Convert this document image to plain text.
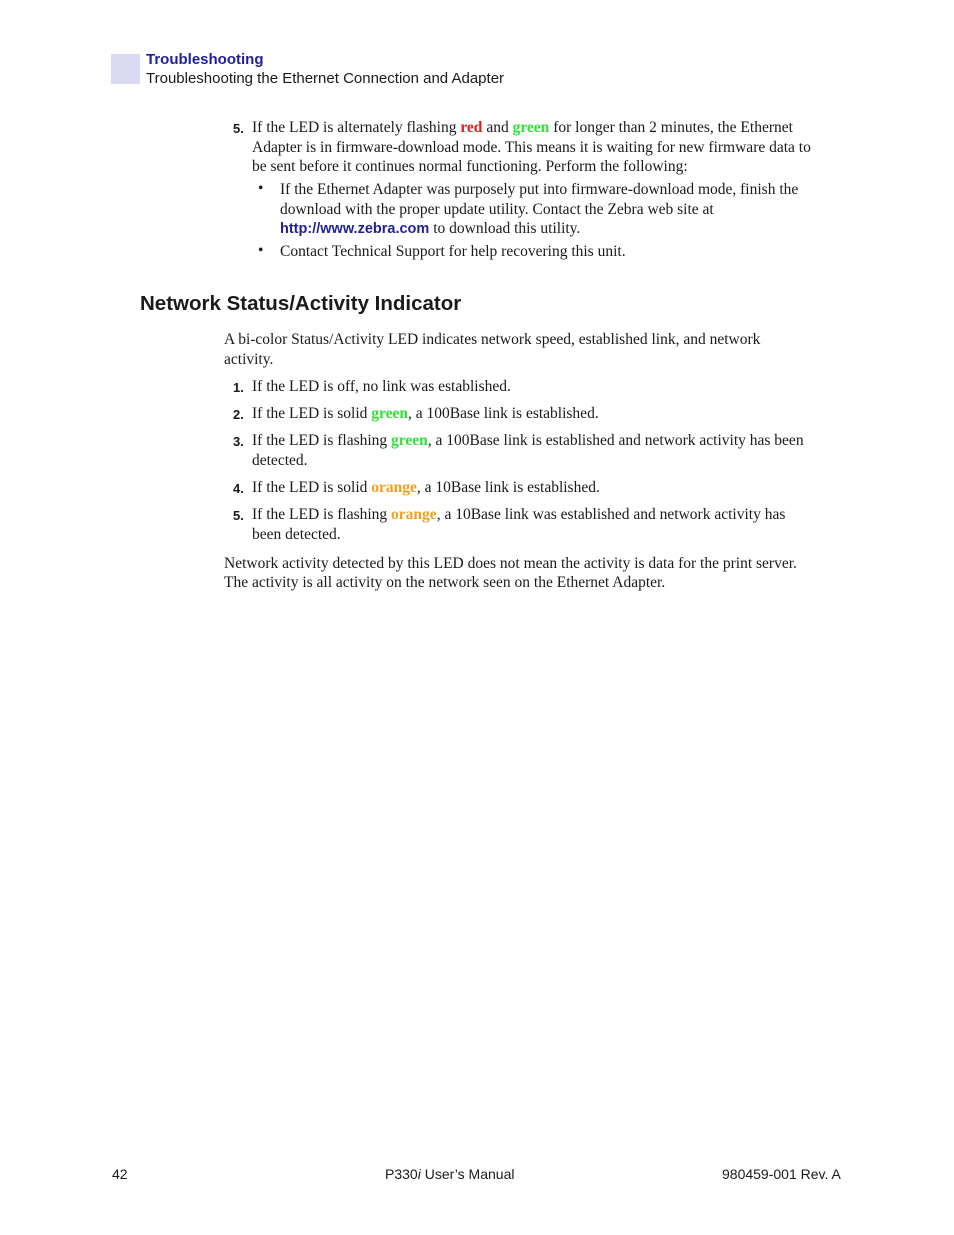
Troubleshooting
Troubleshooting the Ethernet Connection and Adapter
5. If the LED is alternately flashing red and green for longer than 2 minutes, the Ethernet
Adapter is in firmware-download mode. This means it is waiting for new firmware data to
be sent before it continues normal functioning. Perform the following:
• If the Ethernet Adapter was purposely put into firmware-download mode, finish the
download with the proper update utility. Contact the Zebra web site at
http://www.zebra.com to download this utility.
• Contact Technical Support for help recovering this unit.
Network Status/Activity Indicator
A bi-color Status/Activity LED indicates network speed, established link, and network
activity.
1. If the LED is off, no link was established.
2. If the LED is solid green, a 100Base link is established.
3. If the LED is flashing green, a 100Base link is established and network activity has been
detected.
4. If the LED is solid orange, a 10Base link is established.
5. If the LED is flashing orange, a 10Base link was established and network activity has
been detected.
Network activity detected by this LED does not mean the activity is data for the print server.
The activity is all activity on the network seen on the Ethernet Adapter.
42	P330i User’s Manual	980459-001 Rev. A
